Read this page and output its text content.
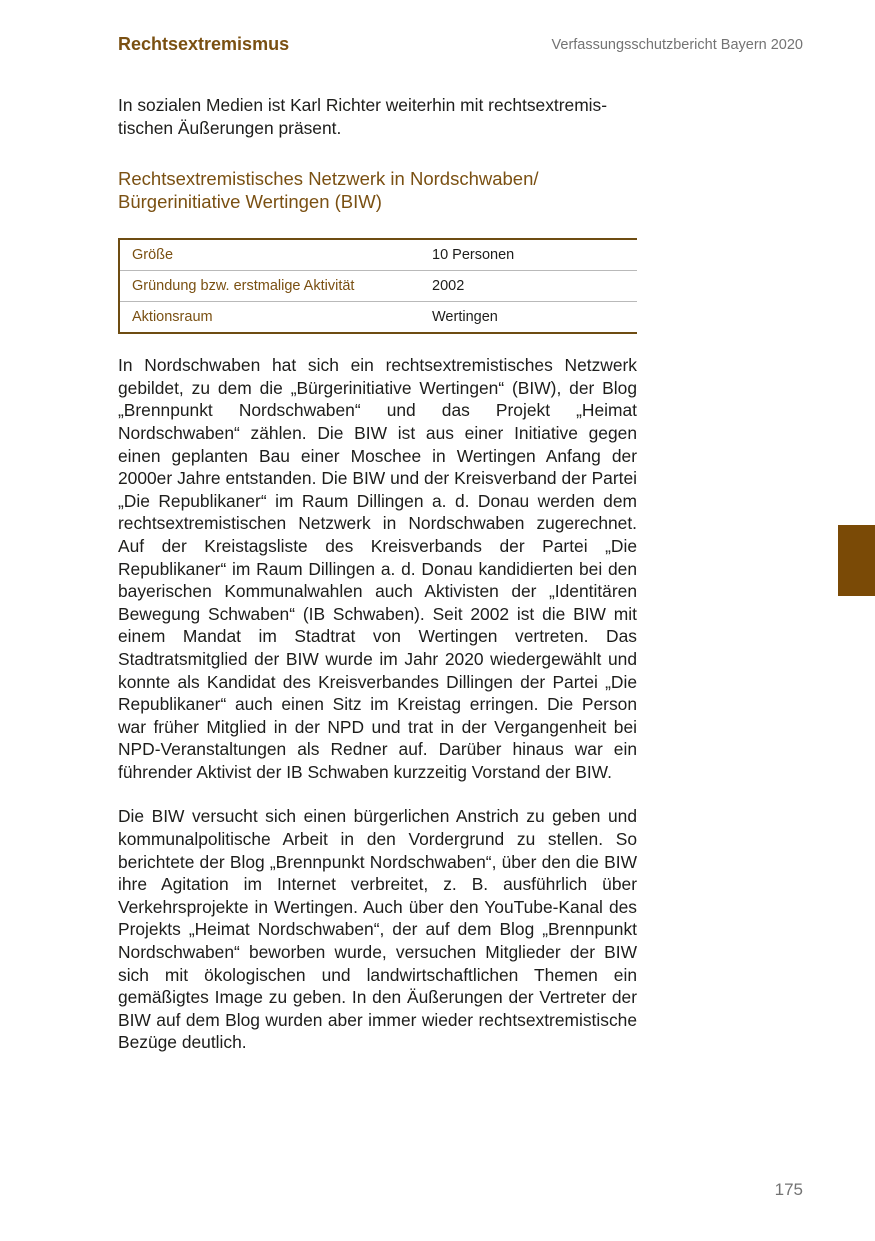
Rechtsextremismus	Verfassungsschutzbericht Bayern 2020

In sozialen Medien ist Karl Richter weiterhin mit rechtsextremistischen Äußerungen präsent.

Rechtsextremistisches Netzwerk in Nordschwaben/
Bürgerinitiative Wertingen (BIW)
Größe	10 Personen
Gründung bzw. erstmalige Aktivität	2002
Aktionsraum	Wertingen

In Nordschwaben hat sich ein rechtsextremistisches Netzwerk gebildet, zu dem die „Bürgerinitiative Wertingen“ (BIW), der Blog „Brennpunkt Nordschwaben“ und das Projekt „Heimat Nordschwaben“ zählen. Die BIW ist aus einer Initiative gegen einen geplanten Bau einer Moschee in Wertingen Anfang der 2000er Jahre entstanden. Die BIW und der Kreisverband der Partei „Die Republikaner“ im Raum Dillingen a. d. Donau werden dem rechtsextremistischen Netzwerk in Nordschwaben zugerechnet. Auf der Kreistagsliste des Kreisverbands der Partei „Die Republikaner“ im Raum Dillingen a. d. Donau kandidierten bei den bayerischen Kommunalwahlen auch Aktivisten der „Identitären Bewegung Schwaben“ (IB Schwaben). Seit 2002 ist die BIW mit einem Mandat im Stadtrat von Wertingen vertreten. Das Stadtratsmitglied der BIW wurde im Jahr 2020 wiedergewählt und konnte als Kandidat des Kreisverbandes Dillingen der Partei „Die Republikaner“ auch einen Sitz im Kreistag erringen. Die Person war früher Mitglied in der NPD und trat in der Vergangenheit bei NPD-Veranstaltungen als Redner auf. Darüber hinaus war ein führender Aktivist der IB Schwaben kurzzeitig Vorstand der BIW.

Die BIW versucht sich einen bürgerlichen Anstrich zu geben und kommunalpolitische Arbeit in den Vordergrund zu stellen. So berichtete der Blog „Brennpunkt Nordschwaben“, über den die BIW ihre Agitation im Internet verbreitet, z. B. ausführlich über Verkehrsprojekte in Wertingen. Auch über den YouTube-Kanal des Projekts „Heimat Nordschwaben“, der auf dem Blog „Brennpunkt Nordschwaben“ beworben wurde, versuchen Mitglieder der BIW sich mit ökologischen und landwirtschaftlichen Themen ein gemäßigtes Image zu geben. In den Äußerungen der Vertreter der BIW auf dem Blog wurden aber immer wieder rechtsextremistische Bezüge deutlich.

175
